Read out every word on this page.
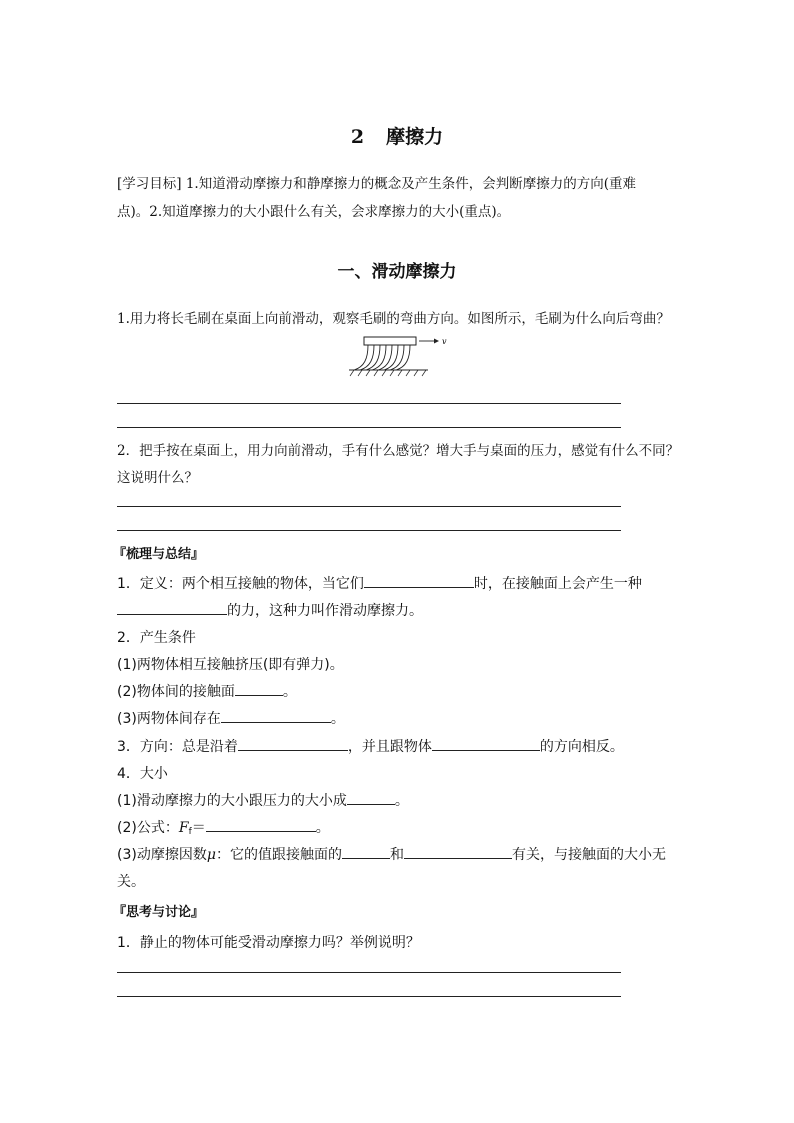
2 摩擦力
[学习目标] 1.知道滑动摩擦力和静摩擦力的概念及产生条件，会判断摩擦力的方向(重难
点)。2.知道摩擦力的大小跟什么有关，会求摩擦力的大小(重点)。
一、滑动摩擦力
1.用力将长毛刷在桌面上向前滑动，观察毛刷的弯曲方向。如图所示，毛刷为什么向后弯曲？
v
2．把手按在桌面上，用力向前滑动，手有什么感觉？增大手与桌面的压力，感觉有什么不同？
这说明什么？
『梳理与总结』
1．定义：两个相互接触的物体，当它们	时，在接触面上会产生一种
的力，这种力叫作滑动摩擦力。
2．产生条件
(1)两物体相互接触挤压(即有弹力)。
(2)物体间的接触面	。
(3)两物体间存在	。
3．方向：总是沿着	，并且跟物体	的方向相反。
4．大小
(1)滑动摩擦力的大小跟压力的大小成	。
(2)公式：$F_f=$	。
(3)动摩擦因数μ：它的值跟接触面的	和	有关，与接触面的大小无
关。
『思考与讨论』
1．静止的物体可能受滑动摩擦力吗？举例说明？
